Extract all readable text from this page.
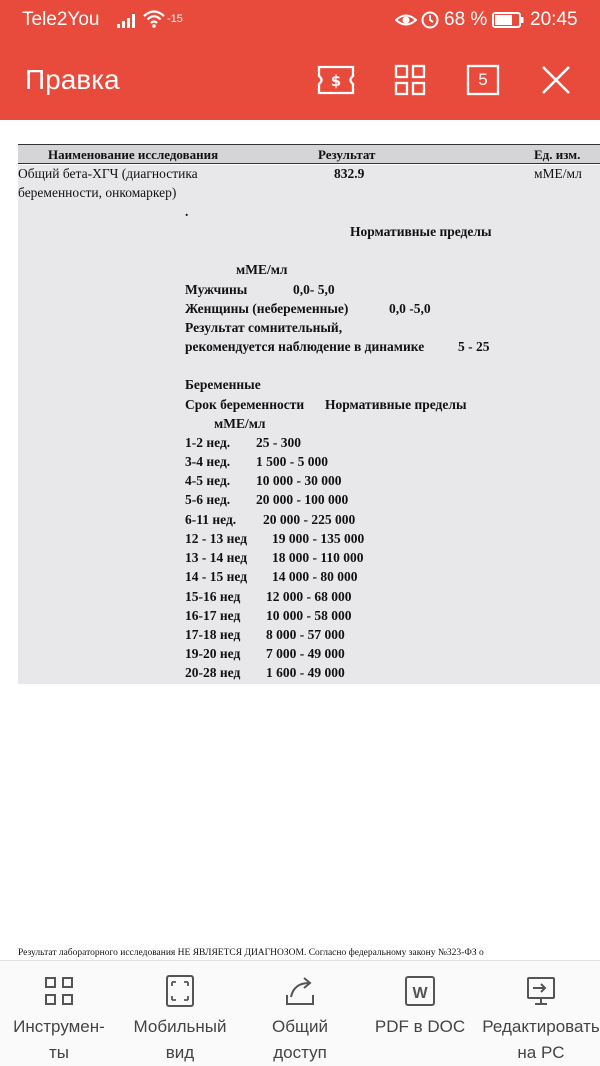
Tele2You	-15	68 % 20:45
Правка	$	5
Наименование исследования	Результат	Ед. изм.
Общий бета-ХГЧ (диагностика
беременности, онкомаркер)
832.9	мМЕ/мл
.
Нормативные пределы
мМЕ/мл
Мужчины	0,0- 5,0
Женщины (небеременные)	0,0 -5,0
Результат сомнительный,
рекомендуется наблюдение в динамике	5 - 25
Беременные
Срок беременности Нормативные пределы
мМЕ/мл
1-2 нед. 25 - 300
3-4 нед. 1 500 - 5 000
4-5 нед. 10 000 - 30 000
5-6 нед. 20 000 - 100 000
6-11 нед. 20 000 - 225 000
12 - 13 нед 19 000 - 135 000
13 - 14 нед 18 000 - 110 000
14 - 15 нед 14 000 - 80 000
15-16 нед 12 000 - 68 000
16-17 нед 10 000 - 58 000
17-18 нед 8 000 - 57 000
19-20 нед 7 000 - 49 000
20-28 нед 1 600 - 49 000
Результат лабораторного исследования НЕ ЯВЛЯЕТСЯ ДИАГНОЗОМ. Согласно федеральному закону №323-ФЗ о
Инструмен-
ты
Мобильный
вид
Общий
доступ
W
PDF в DOC	Редактировать
на PC
